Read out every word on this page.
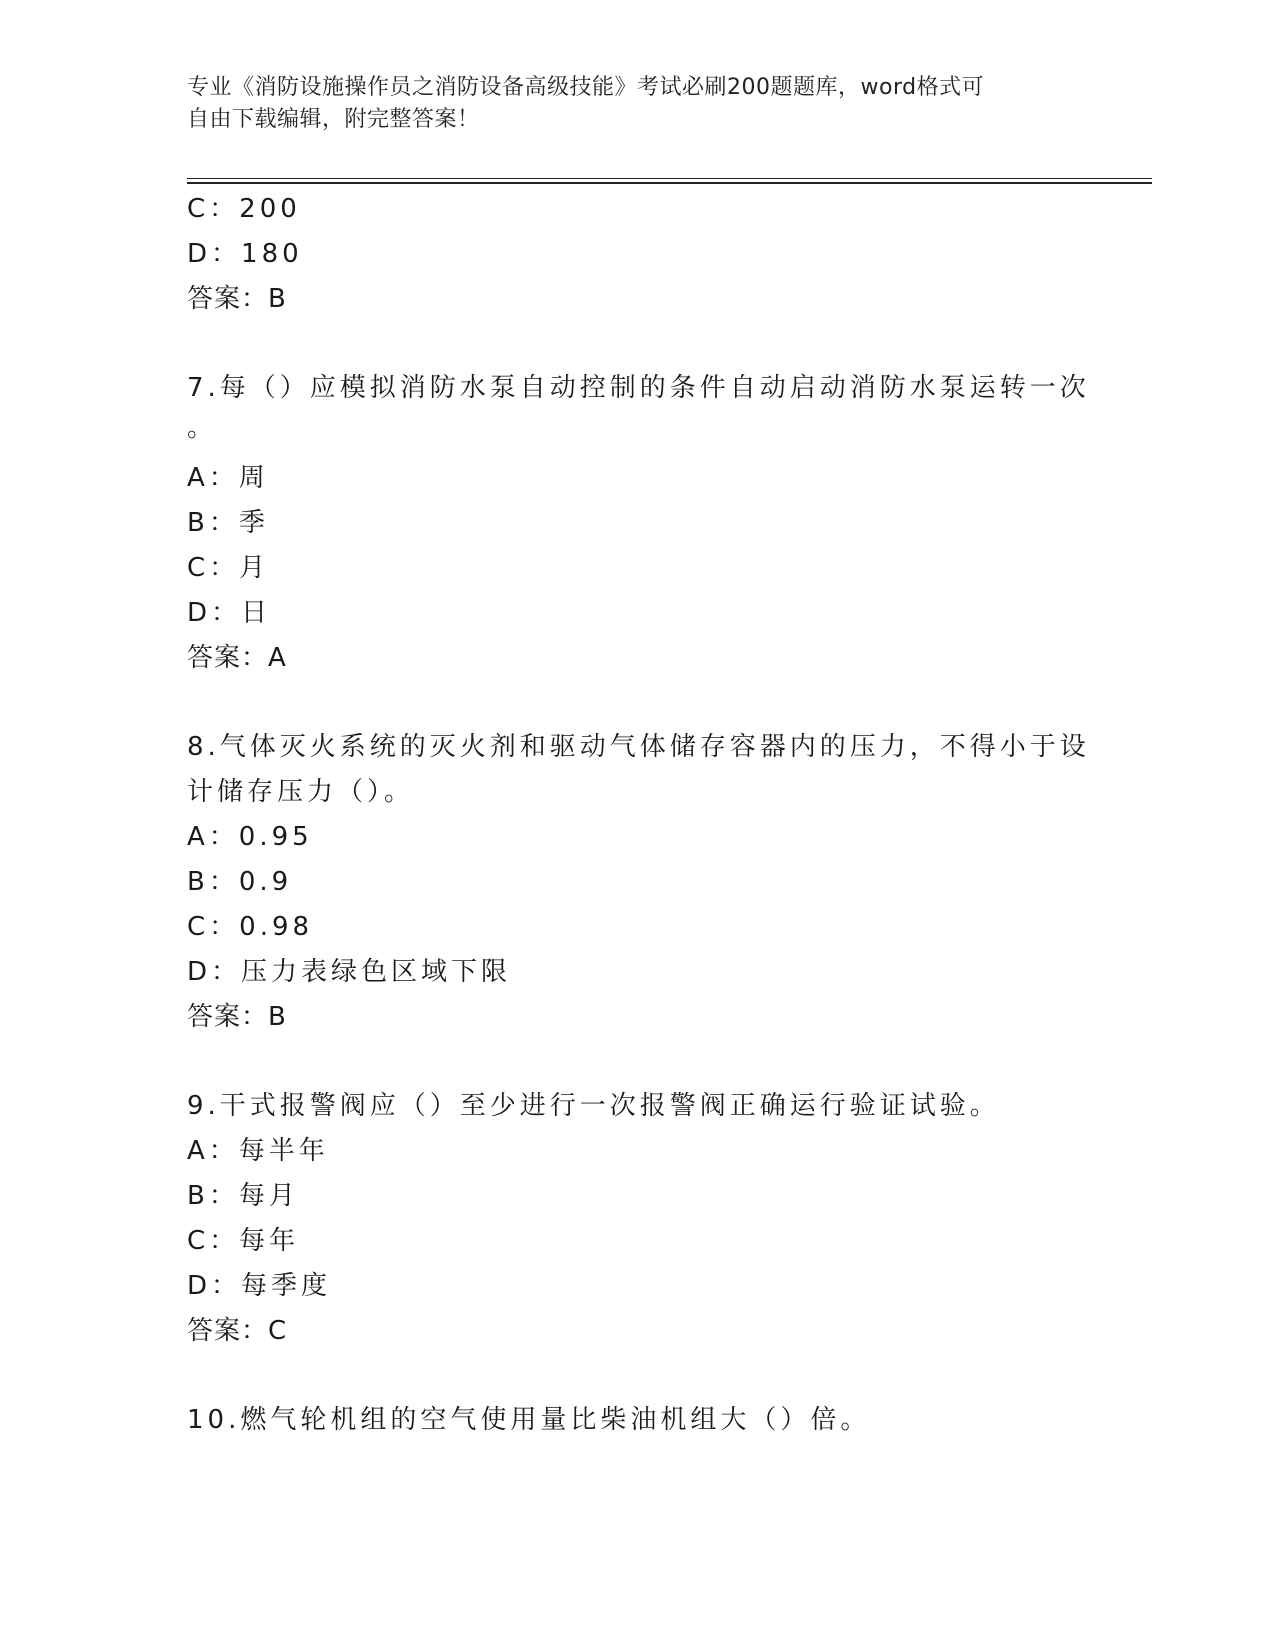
专业《消防设施操作员之消防设备高级技能》考试必刷200题题库，word格式可
自由下载编辑，附完整答案！
C：200
D：180
答案：B
7.每（）应模拟消防水泵自动控制的条件自动启动消防水泵运转一次
。
A：周
B：季
C：月
D：日
答案：A
8.气体灭火系统的灭火剂和驱动气体储存容器内的压力，不得小于设
计储存压力（）。
A：0.95
B：0.9
C：0.98
D：压力表绿色区域下限
答案：B
9.干式报警阀应（）至少进行一次报警阀正确运行验证试验。
A：每半年
B：每月
C：每年
D：每季度
答案：C
10.燃气轮机组的空气使用量比柴油机组大（）倍。
